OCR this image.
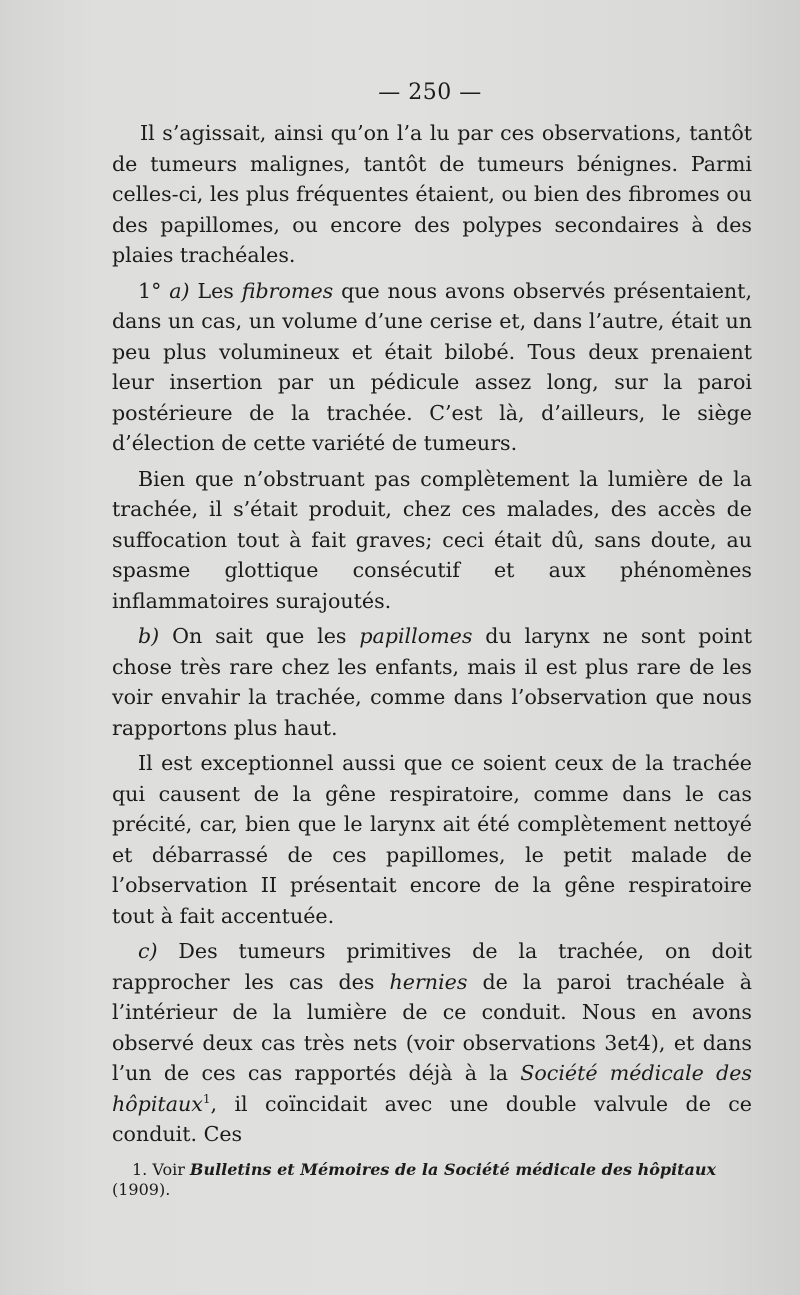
— 250 —

Il s’agissait, ainsi qu’on l’a lu par ces observations, tantôt de tumeurs malignes, tantôt de tumeurs bénignes. Parmi celles-ci, les plus fréquentes étaient, ou bien des fibromes ou des papillomes, ou encore des polypes secondaires à des plaies trachéales.

1° a) Les fibromes que nous avons observés présentaient, dans un cas, un volume d’une cerise et, dans l’autre, était un peu plus volumineux et était bilobé. Tous deux prenaient leur insertion par un pédicule assez long, sur la paroi postérieure de la trachée. C’est là, d’ailleurs, le siège d’élection de cette variété de tumeurs.

Bien que n’obstruant pas complètement la lumière de la trachée, il s’était produit, chez ces malades, des accès de suffocation tout à fait graves; ceci était dû, sans doute, au spasme glottique consécutif et aux phénomènes inflammatoires surajoutés.

b) On sait que les papillomes du larynx ne sont point chose très rare chez les enfants, mais il est plus rare de les voir envahir la trachée, comme dans l’observation que nous rapportons plus haut.

Il est exceptionnel aussi que ce soient ceux de la trachée qui causent de la gêne respiratoire, comme dans le cas précité, car, bien que le larynx ait été complètement nettoyé et débarrassé de ces papillomes, le petit malade de l’observation II présentait encore de la gêne respiratoire tout à fait accentuée.

c) Des tumeurs primitives de la trachée, on doit rapprocher les cas des hernies de la paroi trachéale à l’intérieur de la lumière de ce conduit. Nous en avons observé deux cas très nets (voir observations 3et4), et dans l’un de ces cas rapportés déjà à la Société médicale des hôpitaux$^1$, il coïncidait avec une double valvule de ce conduit. Ces

1. Voir Bulletins et Mémoires de la Société médicale des hôpitaux (1909).
